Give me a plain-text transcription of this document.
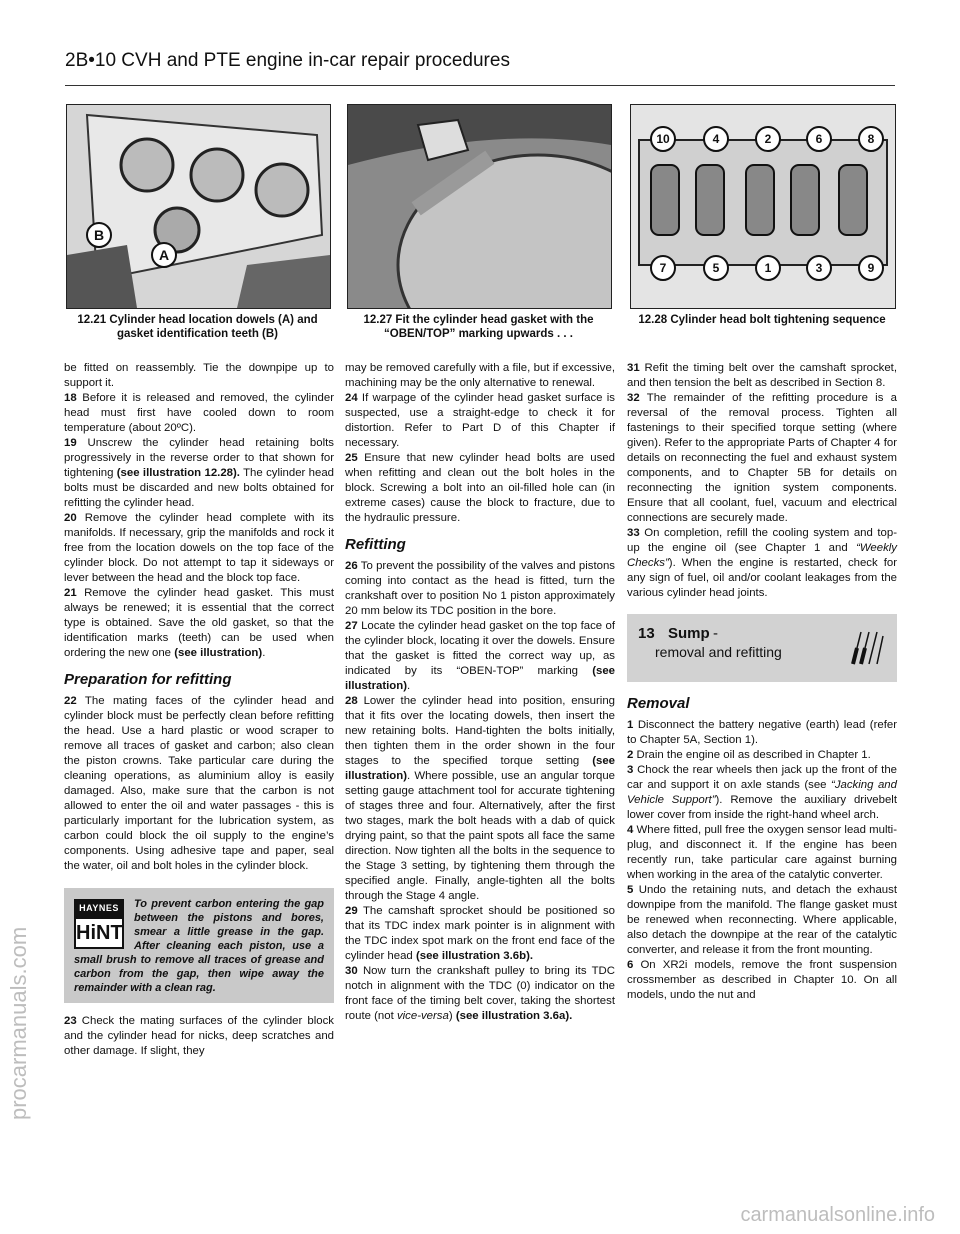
2B•10 CVH and PTE engine in-car repair procedures
B
A
10	4	2	6	8
7	5	1	3	9
12.21 Cylinder head location dowels (A) and gasket identification teeth (B)
12.27 Fit the cylinder head gasket with the “OBEN/TOP” marking upwards . . .
12.28 Cylinder head bolt tightening sequence

be fitted on reassembly. Tie the downpipe up to support it.

18 Before it is released and removed, the cylinder head must first have cooled down to room temperature (about 20ºC).

19 Unscrew the cylinder head retaining bolts progressively in the reverse order to that shown for tightening (see illustration 12.28). The cylinder head bolts must be discarded and new bolts obtained for refitting the cylinder head.

20 Remove the cylinder head complete with its manifolds. If necessary, grip the manifolds and rock it free from the location dowels on the top face of the cylinder block. Do not attempt to tap it sideways or lever between the head and the block top face.

21 Remove the cylinder head gasket. This must always be renewed; it is essential that the correct type is obtained. Save the old gasket, so that the identification marks (teeth) can be used when ordering the new one (see illustration).

Preparation for refitting

22 The mating faces of the cylinder head and cylinder block must be perfectly clean before refitting the head. Use a hard plastic or wood scraper to remove all traces of gasket and carbon; also clean the piston crowns. Take particular care during the cleaning operations, as aluminium alloy is easily damaged. Also, make sure that the carbon is not allowed to enter the oil and water passages - this is particularly important for the lubrication system, as carbon could block the oil supply to the engine’s components. Using adhesive tape and paper, seal the water, oil and bolt holes in the cylinder block.

HAYNES
HiNT
To prevent carbon entering the gap between the pistons and bores, smear a little grease in the gap. After cleaning each piston, use a small brush to remove all traces of grease and carbon from the gap, then wipe away the remainder with a clean rag.

23 Check the mating surfaces of the cylinder block and the cylinder head for nicks, deep scratches and other damage. If slight, they

may be removed carefully with a file, but if excessive, machining may be the only alternative to renewal.

24 If warpage of the cylinder head gasket surface is suspected, use a straight-edge to check it for distortion. Refer to Part D of this Chapter if necessary.

25 Ensure that new cylinder head bolts are used when refitting and clean out the bolt holes in the block. Screwing a bolt into an oil-filled hole can (in extreme cases) cause the block to fracture, due to the hydraulic pressure.

Refitting

26 To prevent the possibility of the valves and pistons coming into contact as the head is fitted, turn the crankshaft over to position No 1 piston approximately 20 mm below its TDC position in the bore.

27 Locate the cylinder head gasket on the top face of the cylinder block, locating it over the dowels. Ensure that the gasket is fitted the correct way up, as indicated by its “OBEN-TOP” marking (see illustration).

28 Lower the cylinder head into position, ensuring that it fits over the locating dowels, then insert the new retaining bolts. Hand-tighten the bolts initially, then tighten them in the order shown in the four stages to the specified torque setting (see illustration). Where possible, use an angular torque setting gauge attachment tool for accurate tightening of stages three and four. Alternatively, after the first two stages, mark the bolt heads with a dab of quick drying paint, so that the paint spots all face the same direction. Now tighten all the bolts in the sequence to the Stage 3 setting, by tightening them through the specified angle. Finally, angle-tighten all the bolts through the Stage 4 angle.

29 The camshaft sprocket should be positioned so that its TDC index mark pointer is in alignment with the TDC index spot mark on the front end face of the cylinder head (see illustration 3.6b).

30 Now turn the crankshaft pulley to bring its TDC notch in alignment with the TDC (0) indicator on the front face of the timing belt cover, taking the shortest route (not vice-versa) (see illustration 3.6a).

31 Refit the timing belt over the camshaft sprocket, and then tension the belt as described in Section 8.

32 The remainder of the refitting procedure is a reversal of the removal process. Tighten all fastenings to their specified torque setting (where given). Refer to the appropriate Parts of Chapter 4 for details on reconnecting the fuel and exhaust system components, and to Chapter 5B for details on reconnecting the ignition system components. Ensure that all coolant, fuel, vacuum and electrical connections are securely made.

33 On completion, refill the cooling system and top-up the engine oil (see Chapter 1 and “Weekly Checks”). When the engine is restarted, check for any sign of fuel, oil and/or coolant leakages from the various cylinder head joints.

13 Sump -
removal and refitting
Removal

1 Disconnect the battery negative (earth) lead (refer to Chapter 5A, Section 1).

2 Drain the engine oil as described in Chapter 1.

3 Chock the rear wheels then jack up the front of the car and support it on axle stands (see “Jacking and Vehicle Support”). Remove the auxiliary drivebelt lower cover from inside the right-hand wheel arch.

4 Where fitted, pull free the oxygen sensor lead multi-plug, and disconnect it. If the engine has been recently run, take particular care against burning when working in the area of the catalytic converter.

5 Undo the retaining nuts, and detach the exhaust downpipe from the manifold. The flange gasket must be renewed when reconnecting. Where applicable, also detach the downpipe at the rear of the catalytic converter, and release it from the front mounting.

6 On XR2i models, remove the front suspension crossmember as described in Chapter 10. On all models, undo the nut and

procarmanuals.com
carmanualsonline.info
